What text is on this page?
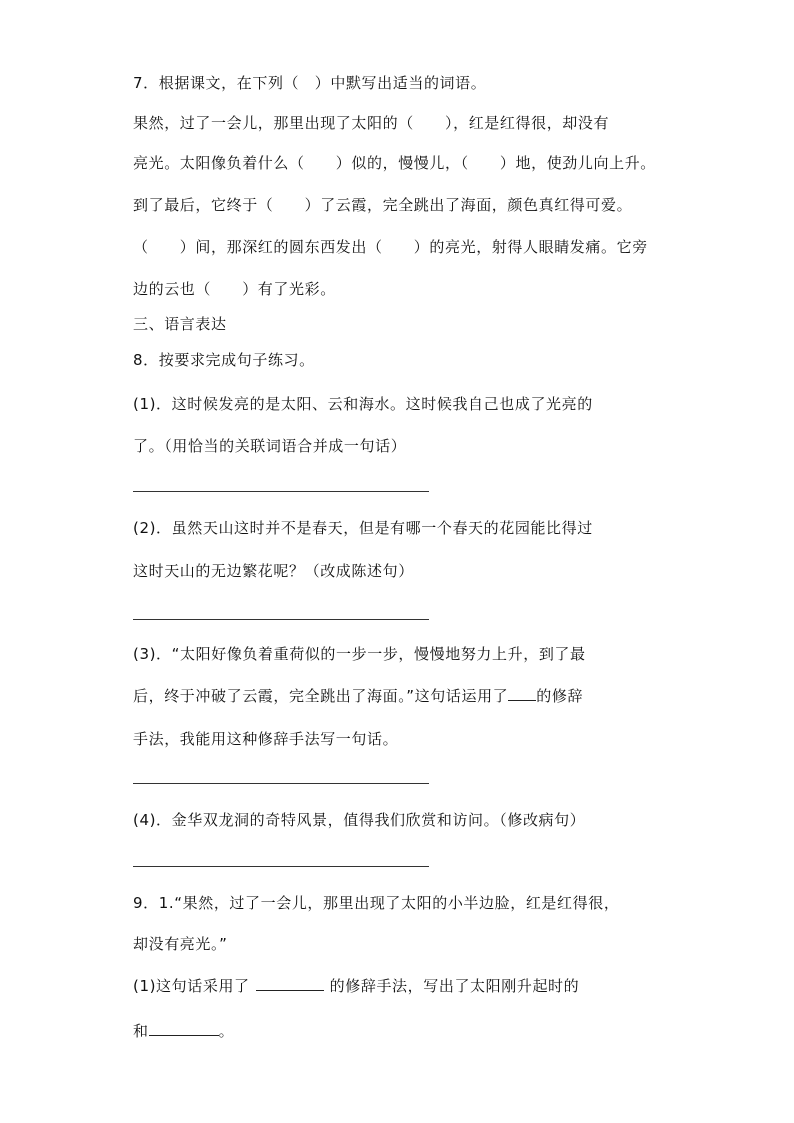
7．根据课文，在下列（　）中默写出适当的词语。
果然，过了一会儿，那里出现了太阳的（　　），红是红得很，却没有
亮光。太阳像负着什么（　　）似的，慢慢儿，（　　）地，使劲儿向上升。
到了最后，它终于（　　）了云霞，完全跳出了海面，颜色真红得可爱。
（　　）间，那深红的圆东西发出（　　）的亮光，射得人眼睛发痛。它旁
边的云也（　　）有了光彩。
三、语言表达
8．按要求完成句子练习。
(1)．这时候发亮的是太阳、云和海水。这时候我自己也成了光亮的
了。（用恰当的关联词语合并成一句话）
(2)．虽然天山这时并不是春天，但是有哪一个春天的花园能比得过
这时天山的无边繁花呢？（改成陈述句）
(3)．“太阳好像负着重荷似的一步一步，慢慢地努力上升，到了最
后，终于冲破了云霞，完全跳出了海面。”这句话运用了 的修辞
手法，我能用这种修辞手法写一句话。
(4)．金华双龙洞的奇特风景，值得我们欣赏和访问。（修改病句）
9．1.“果然，过了一会儿，那里出现了太阳的小半边脸，红是红得很，
却没有亮光。”
(1)这句话采用了	的修辞手法，写出了太阳刚升起时的
和	。
